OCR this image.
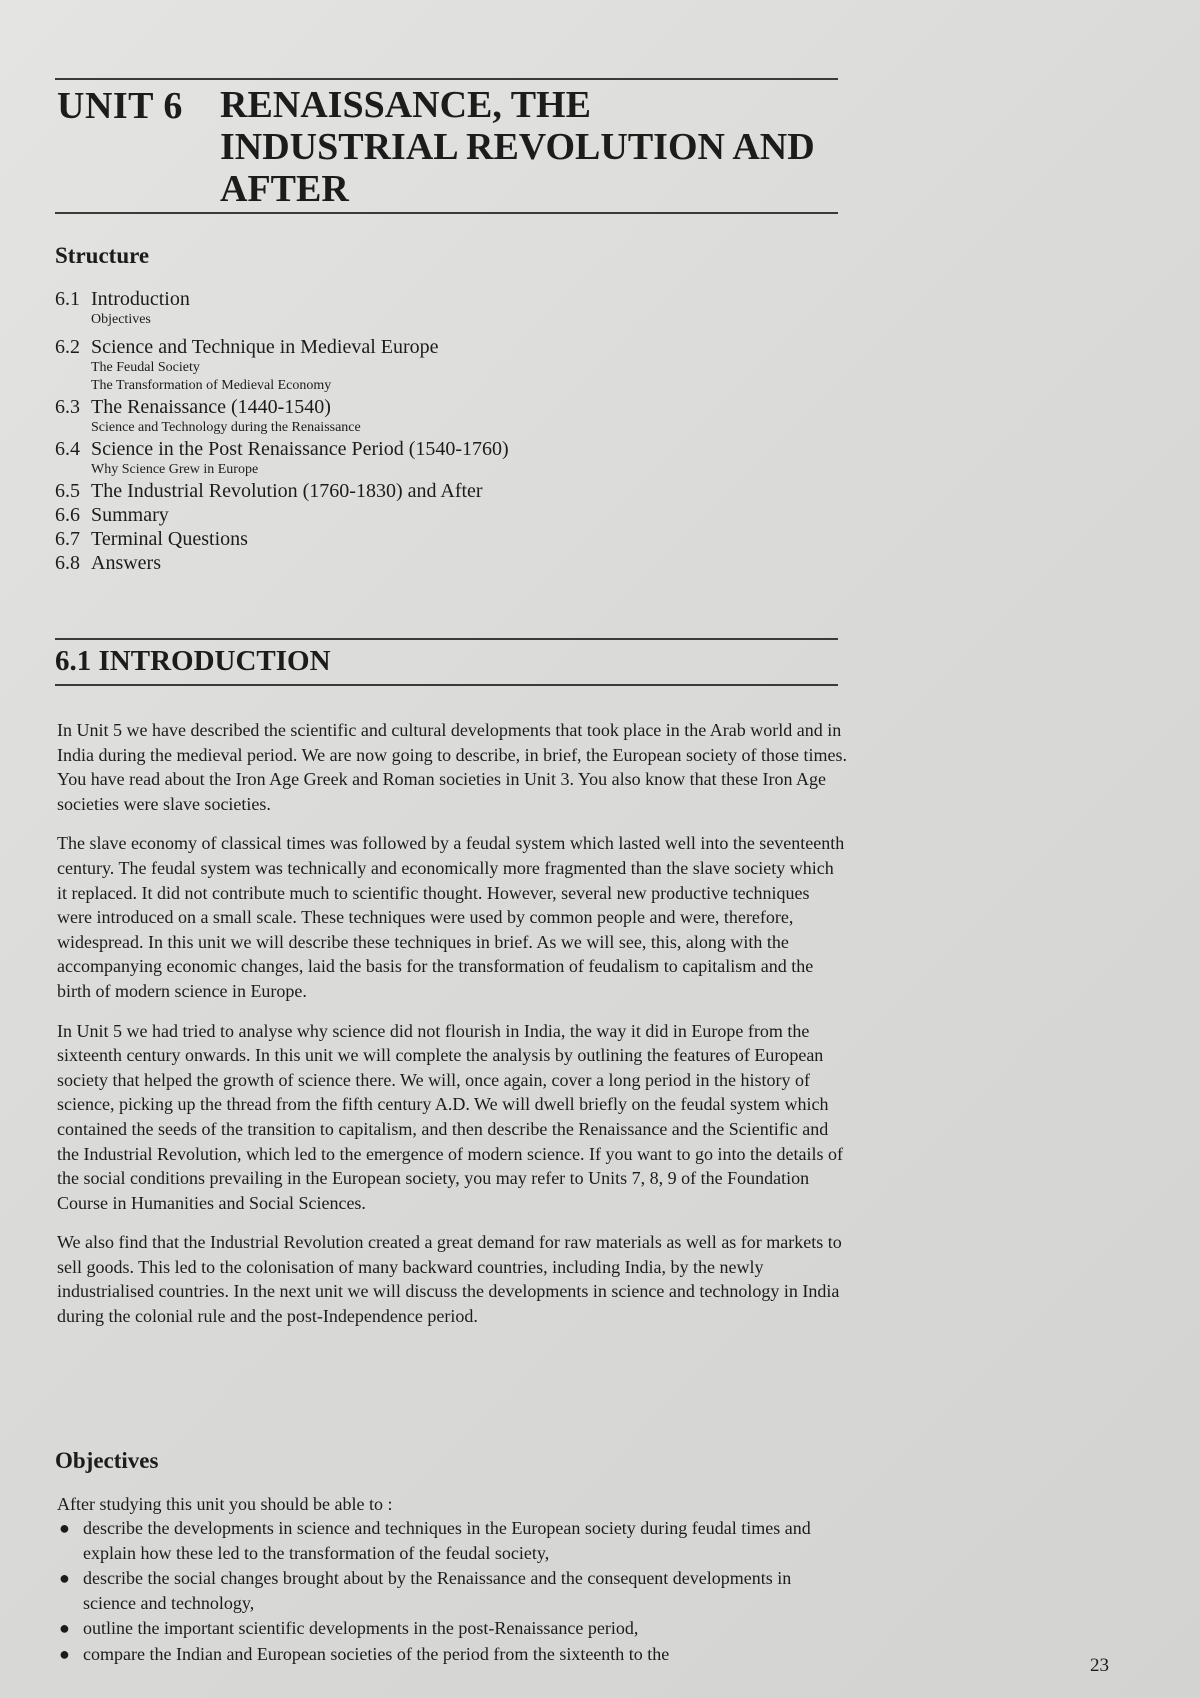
UNIT 6 RENAISSANCE, THE
INDUSTRIAL REVOLUTION AND
AFTER
Structure
6.1 Introduction
Objectives
6.2 Science and Technique in Medieval Europe
The Feudal Society
The Transformation of Medieval Economy
6.3 The Renaissance (1440-1540)
Science and Technology during the Renaissance
6.4 Science in the Post Renaissance Period (1540-1760)
Why Science Grew in Europe
6.5 The Industrial Revolution (1760-1830) and After
6.6 Summary
6.7 Terminal Questions
6.8 Answers
6.1 INTRODUCTION

In Unit 5 we have described the scientific and cultural developments that took place in the Arab world and in India during the medieval period. We are now going to describe, in brief, the European society of those times. You have read about the Iron Age Greek and Roman societies in Unit 3. You also know that these Iron Age societies were slave societies.

The slave economy of classical times was followed by a feudal system which lasted well into the seventeenth century. The feudal system was technically and economically more fragmented than the slave society which it replaced. It did not contribute much to scientific thought. However, several new productive techniques were introduced on a small scale. These techniques were used by common people and were, therefore, widespread. In this unit we will describe these techniques in brief. As we will see, this, along with the accompanying economic changes, laid the basis for the transformation of feudalism to capitalism and the birth of modern science in Europe.

In Unit 5 we had tried to analyse why science did not flourish in India, the way it did in Europe from the sixteenth century onwards. In this unit we will complete the analysis by outlining the features of European society that helped the growth of science there. We will, once again, cover a long period in the history of science, picking up the thread from the fifth century A.D. We will dwell briefly on the feudal system which contained the seeds of the transition to capitalism, and then describe the Renaissance and the Scientific and the Industrial Revolution, which led to the emergence of modern science. If you want to go into the details of the social conditions prevailing in the European society, you may refer to Units 7, 8, 9 of the Foundation Course in Humanities and Social Sciences.

We also find that the Industrial Revolution created a great demand for raw materials as well as for markets to sell goods. This led to the colonisation of many backward countries, including India, by the newly industrialised countries. In the next unit we will discuss the developments in science and technology in India during the colonial rule and the post-Independence period.

Objectives
After studying this unit you should be able to :
● describe the developments in science and techniques in the European society during feudal times and explain how these led to the transformation of the feudal society,
● describe the social changes brought about by the Renaissance and the consequent developments in science and technology,
● outline the important scientific developments in the post-Renaissance period,
● compare the Indian and European societies of the period from the sixteenth to the
23
